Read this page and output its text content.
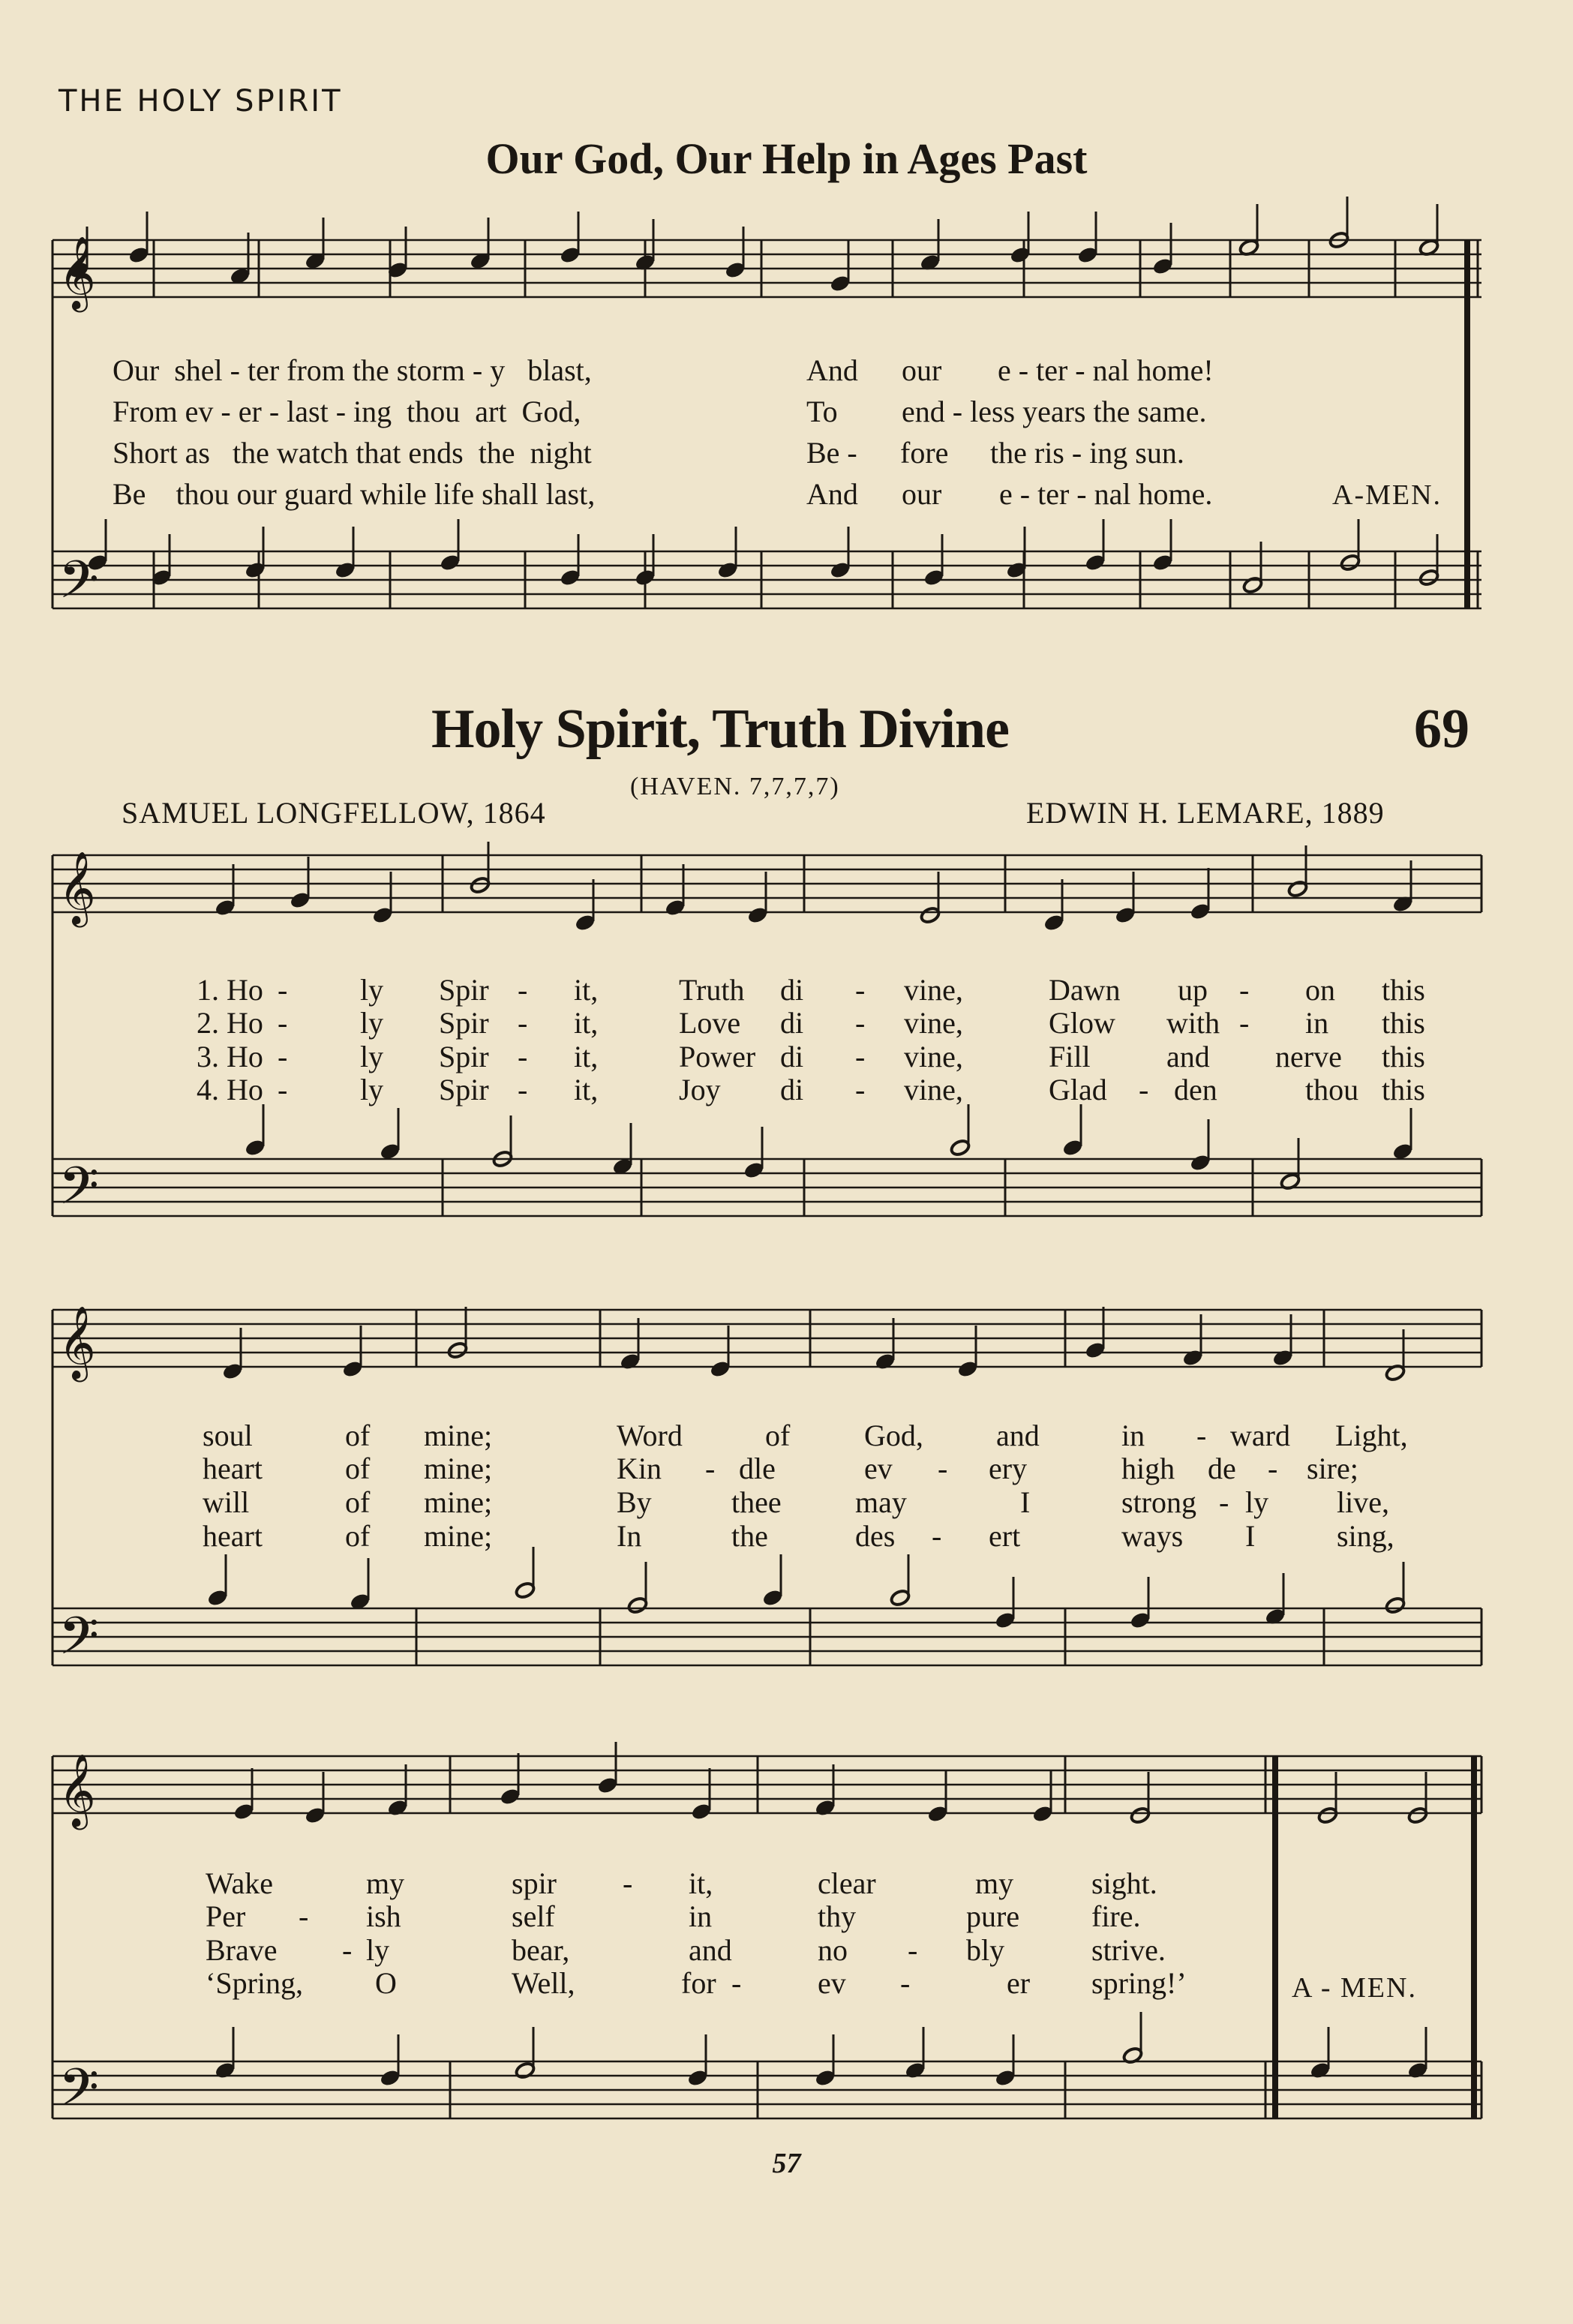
THE HOLY SPIRIT
Our God, Our Help in Ages Past
𝄞
𝄢
𝄞
𝄢
𝄞
𝄢
𝄞
𝄢
Our shel - ter from the storm - y blast,	And our e - ter - nal home!
From ev - er - last - ing thou art God,	To end - less years the same.
Short as the watch that ends the night	Be - fore the ris - ing sun.
Be thou our guard while life shall last,	And our e - ter - nal home.	A-MEN.
Holy Spirit, Truth Divine	69
(HAVEN. 7,7,7,7)
SAMUEL LONGFELLOW, 1864	EDWIN H. LEMARE, 1889
1. Ho - ly Spir - it,	Truth di - vine,	Dawn up - on this
2. Ho - ly Spir - it,	Love di - vine,	Glow with - in this
3. Ho - ly Spir - it,	Power di - vine,	Fill	and nerve this
4. Ho - ly Spir - it,	Joy di - vine,	Glad - den	thou this
soul	of mine;	Word	of God, and	in - ward Light,
heart	of mine;	Kin - dle	ev - ery	high de - sire;
will	of mine;	By	thee may	I	strong - ly live,
heart	of mine;	In	the	des - ert	ways I	sing,
Wake	my	spir - it,	clear	my	sight.
Per - ish	self	in	thy	pure fire.
Brave - ly	bear,	and	no - bly	strive.
‘Spring, O	Well,	for -	ev -	er spring!’	A - MEN.
57
